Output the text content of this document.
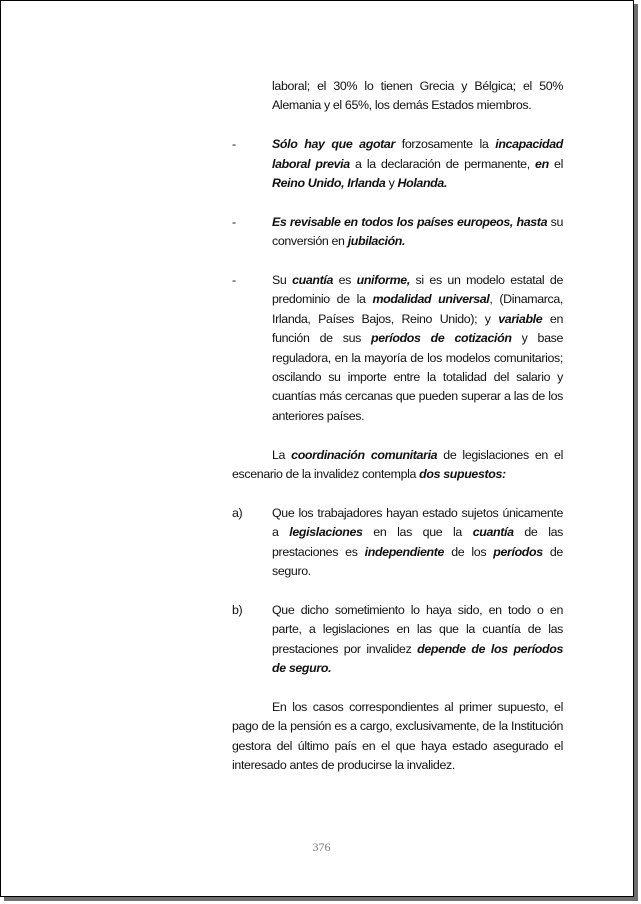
laboral; el 30% lo tienen Grecia y Bélgica; el 50% Alemania y el 65%, los demás Estados miembros.

-	Sólo hay que agotar forzosamente la incapacidad laboral previa a la declaración de permanente, en el Reino Unido, Irlanda y Holanda.

-	Es revisable en todos los países europeos, hasta su conversión en jubilación.

-	Su cuantía es uniforme, si es un modelo estatal de predominio de la modalidad universal, (Dinamarca, Irlanda, Países Bajos, Reino Unido); y variable en función de sus períodos de cotización y base reguladora, en la mayoría de los modelos comunitarios; oscilando su importe entre la totalidad del salario y cuantías más cercanas que pueden superar a las de los anteriores países.

La coordinación comunitaria de legislaciones en el escenario de la invalidez contempla dos supuestos:

a)	Que los trabajadores hayan estado sujetos únicamente a legislaciones en las que la cuantía de las prestaciones es independiente de los períodos de seguro.

b)	Que dicho sometimiento lo haya sido, en todo o en parte, a legislaciones en las que la cuantía de las prestaciones por invalidez depende de los períodos de seguro.

En los casos correspondientes al primer supuesto, el pago de la pensión es a cargo, exclusivamente, de la Institución gestora del último país en el que haya estado asegurado el interesado antes de producirse la invalidez.

376
